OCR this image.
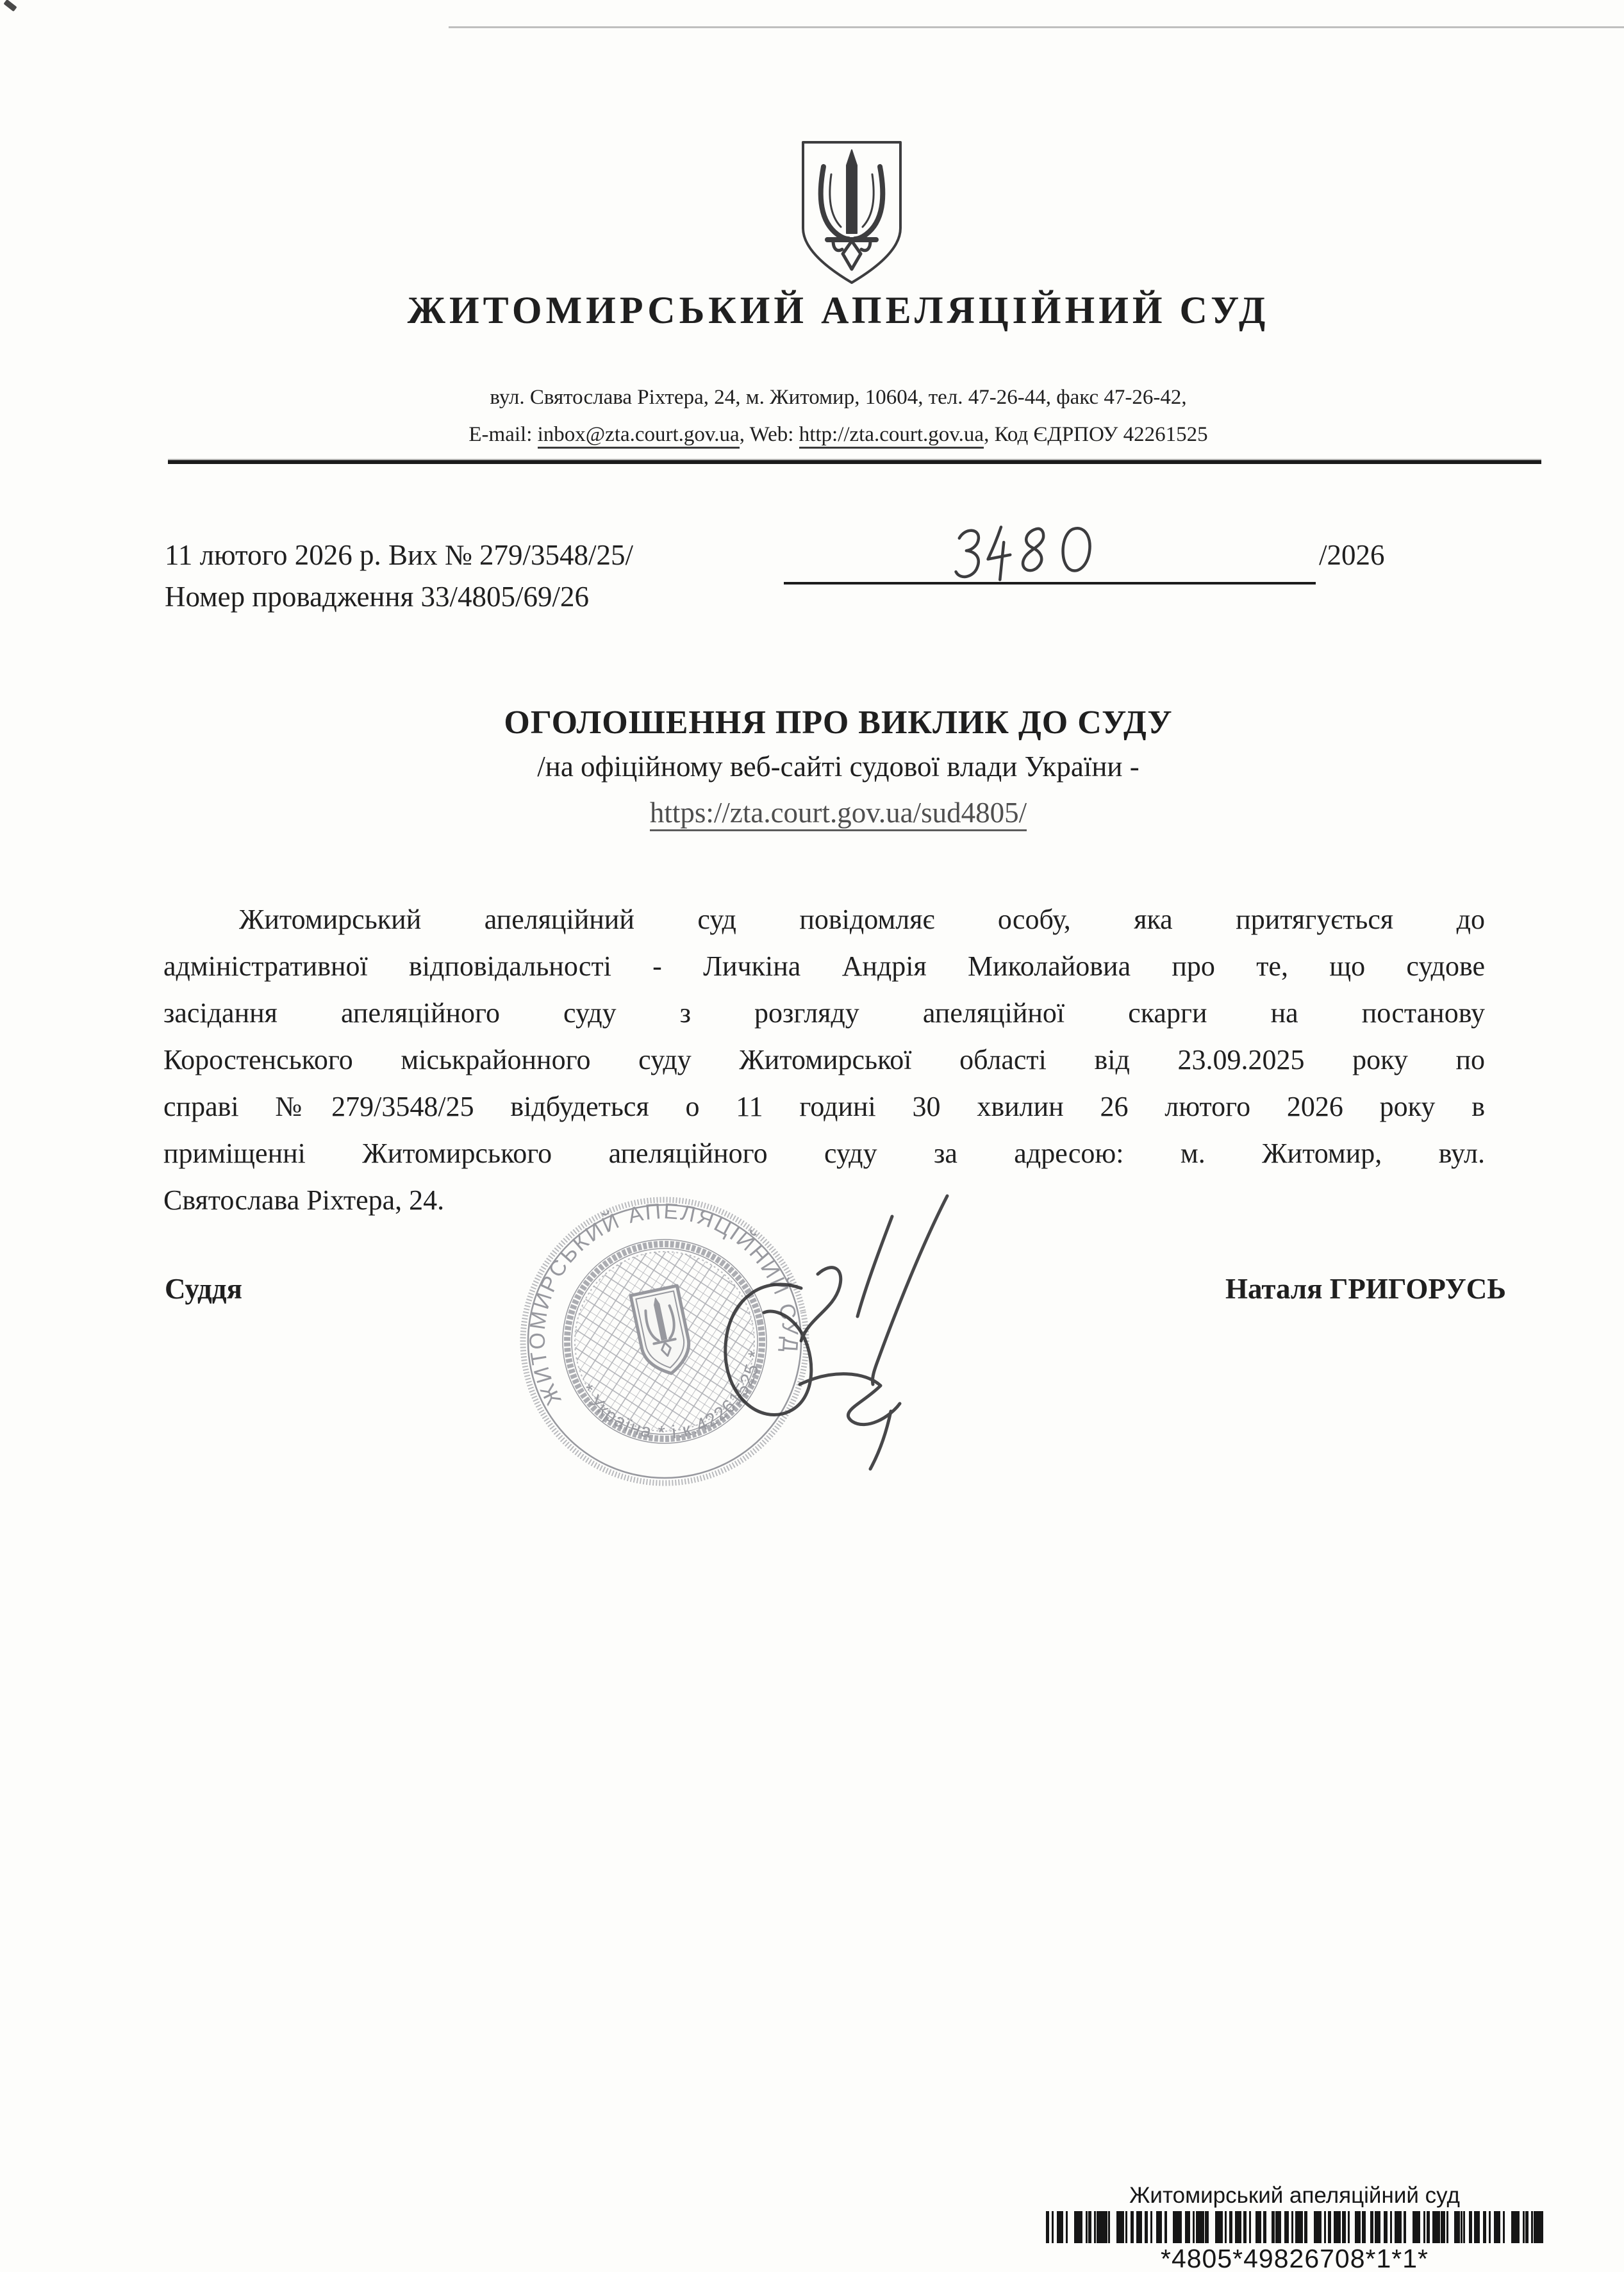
ЖИТОМИРСЬКИЙ АПЕЛЯЦІЙНИЙ СУД
вул. Святослава Ріхтера, 24, м. Житомир, 10604, тел. 47-26-44, факс 47-26-42,
E-mail: inbox@zta.court.gov.ua, Web: http://zta.court.gov.ua, Код ЄДРПОУ 42261525
11 лютого 2026 р. Вих № 279/3548/25/	/2026
Номер провадження 33/4805/69/26
ОГОЛОШЕННЯ ПРО ВИКЛИК ДО СУДУ
/на офіційному веб-сайті судової влади України -
https://zta.court.gov.ua/sud4805/
Житомирський апеляційний суд повідомляє особу, яка притягується до
адміністративної відповідальності - Личкіна Андрія Миколайовиа про те, що судове
засідання апеляційного суду з розгляду апеляційної скарги на постанову
Коростенського міськрайонного суду Житомирської області від 23.09.2025 року по
справі №279/3548/25 відбудеться о 11 годині 30 хвилин 26 лютого 2026 року в
приміщенні Житомирського апеляційного суду за адресою: м. Житомир, вул.
Святослава Ріхтера, 24.
Суддя	Наталя ГРИГОРУСЬ
ЖИТОМИРСЬКИЙ АПЕЛЯЦІЙНИЙ СУД
* Україна * і.к.42261525 *
Житомирський апеляційний суд
*4805*49826708*1*1*
